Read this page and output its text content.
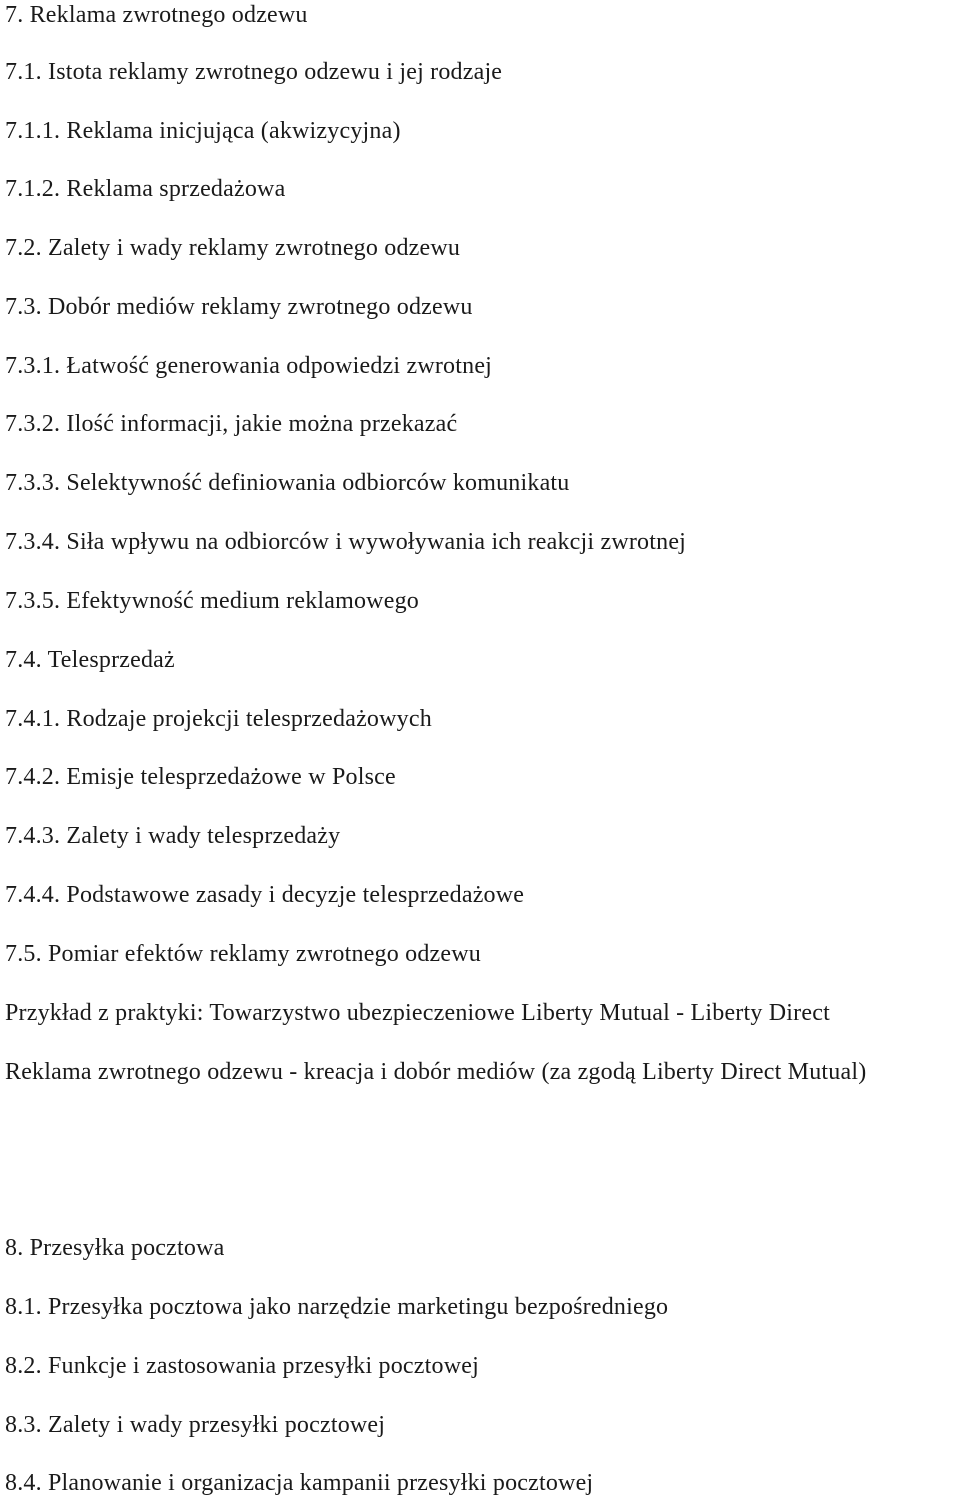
7. Reklama zwrotnego odzewu
7.1. Istota reklamy zwrotnego odzewu i jej rodzaje
7.1.1. Reklama inicjująca (akwizycyjna)
7.1.2. Reklama sprzedażowa
7.2. Zalety i wady reklamy zwrotnego odzewu
7.3. Dobór mediów reklamy zwrotnego odzewu
7.3.1. Łatwość generowania odpowiedzi zwrotnej
7.3.2. Ilość informacji, jakie można przekazać
7.3.3. Selektywność definiowania odbiorców komunikatu
7.3.4. Siła wpływu na odbiorców i wywoływania ich reakcji zwrotnej
7.3.5. Efektywność medium reklamowego
7.4. Telesprzedaż
7.4.1. Rodzaje projekcji telesprzedażowych
7.4.2. Emisje telesprzedażowe w Polsce
7.4.3. Zalety i wady telesprzedaży
7.4.4. Podstawowe zasady i decyzje telesprzedażowe
7.5. Pomiar efektów reklamy zwrotnego odzewu
Przykład z praktyki: Towarzystwo ubezpieczeniowe Liberty Mutual - Liberty Direct
Reklama zwrotnego odzewu - kreacja i dobór mediów (za zgodą Liberty Direct Mutual)
8. Przesyłka pocztowa
8.1. Przesyłka pocztowa jako narzędzie marketingu bezpośredniego
8.2. Funkcje i zastosowania przesyłki pocztowej
8.3. Zalety i wady przesyłki pocztowej
8.4. Planowanie i organizacja kampanii przesyłki pocztowej
